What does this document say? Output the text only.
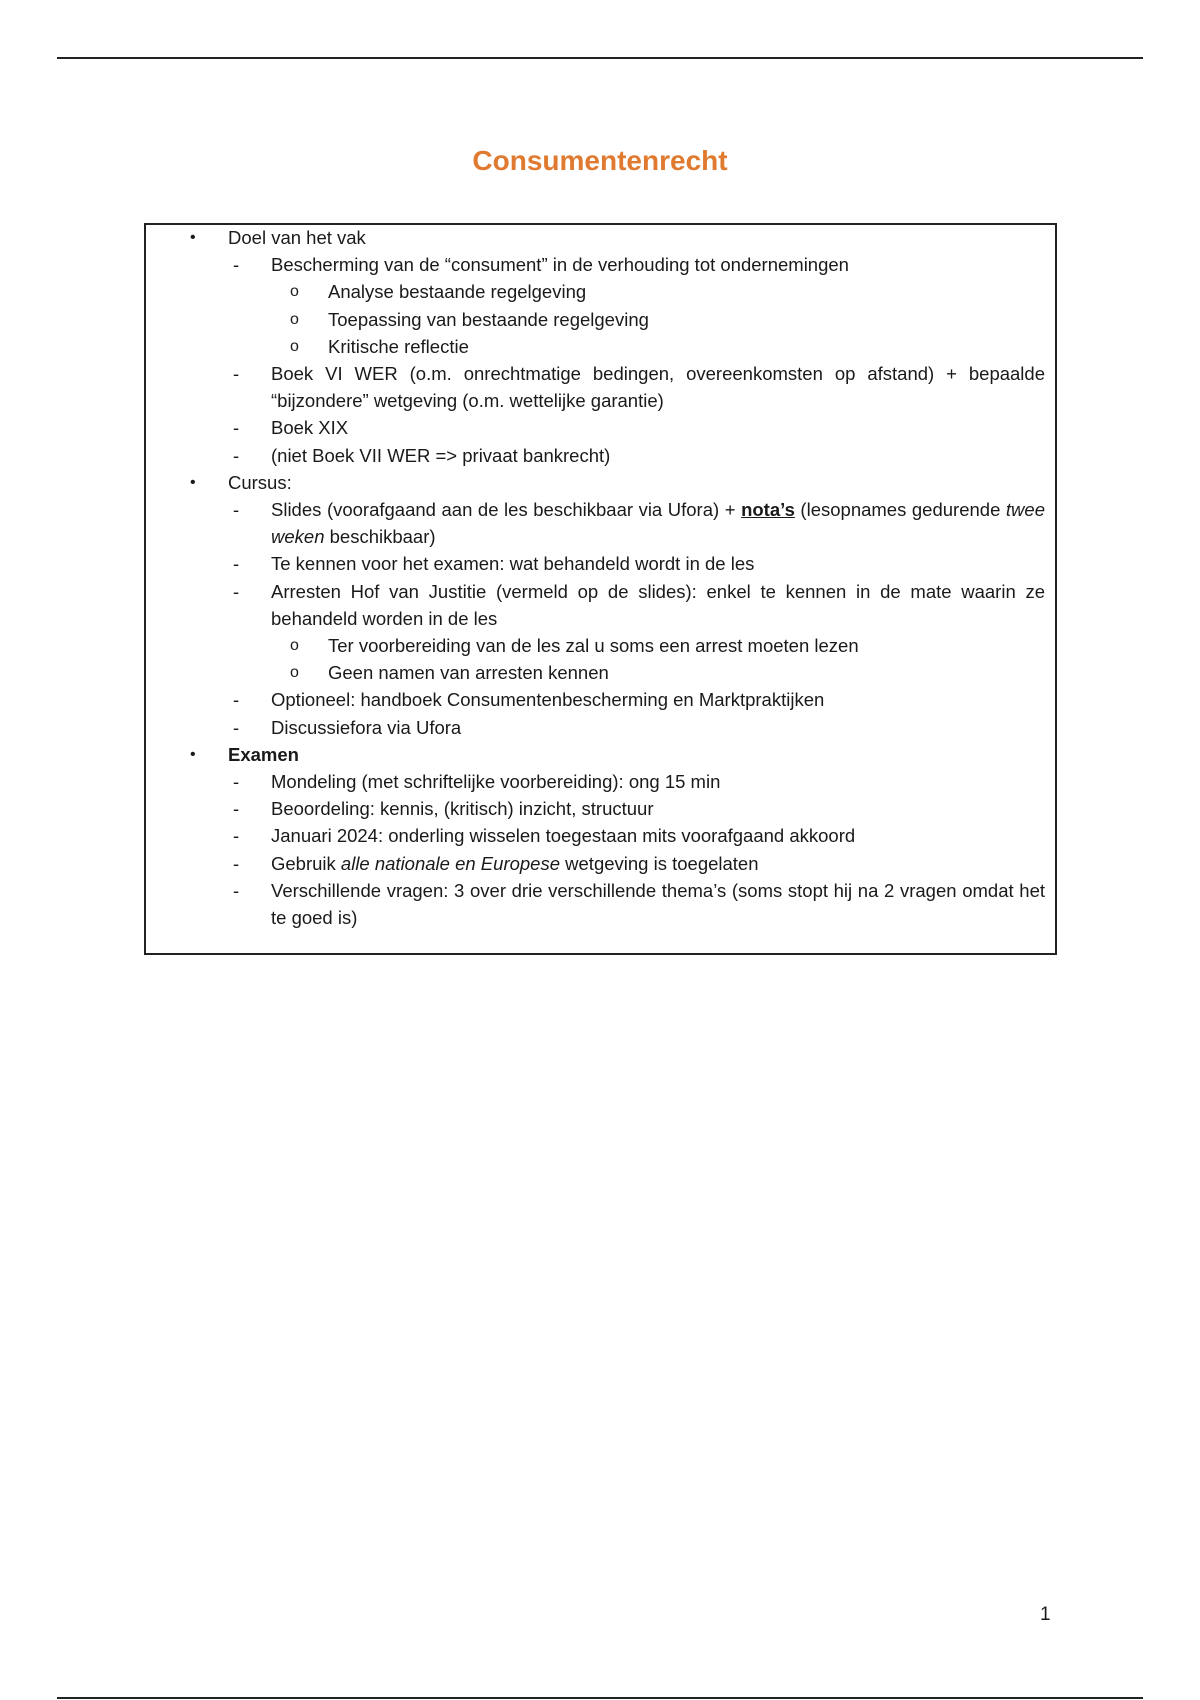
Consumentenrecht
• Doel van het vak
- Bescherming van de “consument” in de verhouding tot ondernemingen
o Analyse bestaande regelgeving
o Toepassing van bestaande regelgeving
o Kritische reflectie
- Boek VI WER (o.m. onrechtmatige bedingen, overeenkomsten op afstand) + bepaalde “bijzondere” wetgeving (o.m. wettelijke garantie)
- Boek XIX
- (niet Boek VII WER => privaat bankrecht)
• Cursus:
- Slides (voorafgaand aan de les beschikbaar via Ufora) + nota’s (lesopnames gedurende twee weken beschikbaar)
- Te kennen voor het examen: wat behandeld wordt in de les
- Arresten Hof van Justitie (vermeld op de slides): enkel te kennen in de mate waarin ze behandeld worden in de les
o Ter voorbereiding van de les zal u soms een arrest moeten lezen
o Geen namen van arresten kennen
- Optioneel: handboek Consumentenbescherming en Marktpraktijken
- Discussiefora via Ufora
• Examen
- Mondeling (met schriftelijke voorbereiding): ong 15 min
- Beoordeling: kennis, (kritisch) inzicht, structuur
- Januari 2024: onderling wisselen toegestaan mits voorafgaand akkoord
- Gebruik alle nationale en Europese wetgeving is toegelaten
- Verschillende vragen: 3 over drie verschillende thema’s (soms stopt hij na 2 vragen omdat het te goed is)
1
